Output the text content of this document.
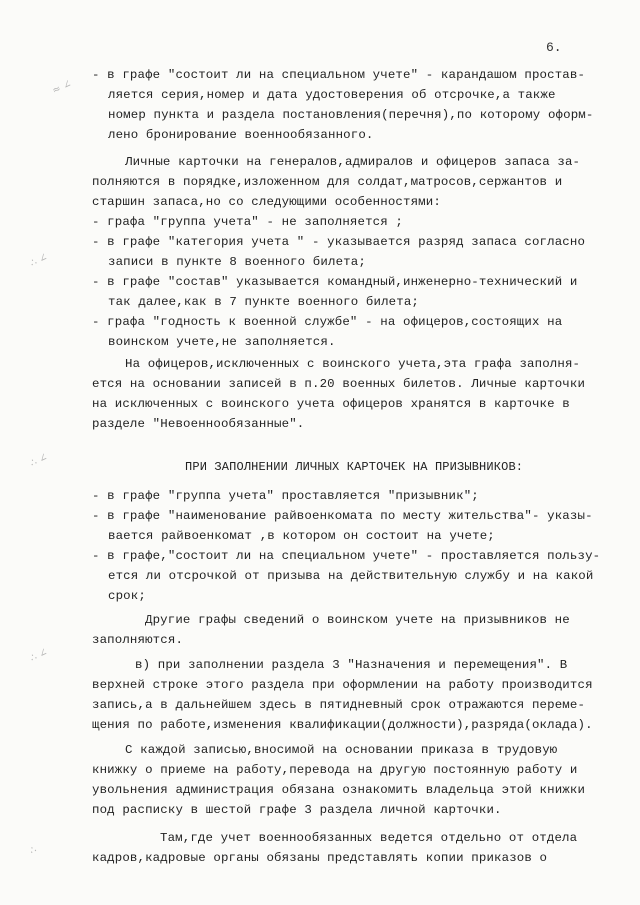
6.
≈ ∠
∴ ∠
∴ ∠
∴ ∠
∴
- в графе "состоит ли на специальном учете" - карандашом простав-
ляется серия,номер и дата удостоверения об отсрочке,а также
номер пункта и раздела постановления(перечня),по которому оформ-
лено бронирование военнообязанного.
Личные карточки на генералов,адмиралов и офицеров запаса за-
полняются в порядке,изложенном для солдат,матросов,сержантов и
старшин запаса,но со следующими особенностями:
- графа "группа учета" - не заполняется ;
- в графе "категория учета " - указывается разряд запаса согласно
записи в пункте 8 военного билета;
- в графе "состав" указывается командный,инженерно-технический и
так далее,как в 7 пункте военного билета;
- графа "годность к военной службе" - на офицеров,состоящих на
воинском учете,не заполняется.
На офицеров,исключенных с воинского учета,эта графа заполня-
ется на основании записей в п.20 военных билетов. Личные карточки
на исключенных с воинского учета офицеров хранятся в карточке в
разделе "Невоеннообязанные".
ПРИ ЗАПОЛНЕНИИ ЛИЧНЫХ КАРТОЧЕК НА ПРИЗЫВНИКОВ:
- в графе "группа учета" проставляется "призывник";
- в графе "наименование райвоенкомата по месту жительства"- указы-
вается райвоенкомат ,в котором он состоит на учете;
- в графе,"состоит ли на специальном учете" - проставляется пользу-
ется ли отсрочкой от призыва на действительную службу и на какой
срок;
Другие графы сведений о воинском учете на призывников не
заполняются.
в) при заполнении раздела 3 "Назначения и перемещения". В
верхней строке этого раздела при оформлении на работу производится
запись,а в дальнейшем здесь в пятидневный срок отражаются переме-
щения по работе,изменения квалификации(должности),разряда(оклада).
С каждой записью,вносимой на основании приказа в трудовую
книжку о приеме на работу,перевода на другую постоянную работу и
увольнения администрация обязана ознакомить владельца этой книжки
под расписку в шестой графе 3 раздела личной карточки.
Там,где учет военнообязанных ведется отдельно от отдела
кадров,кадровые органы обязаны представлять копии приказов о
